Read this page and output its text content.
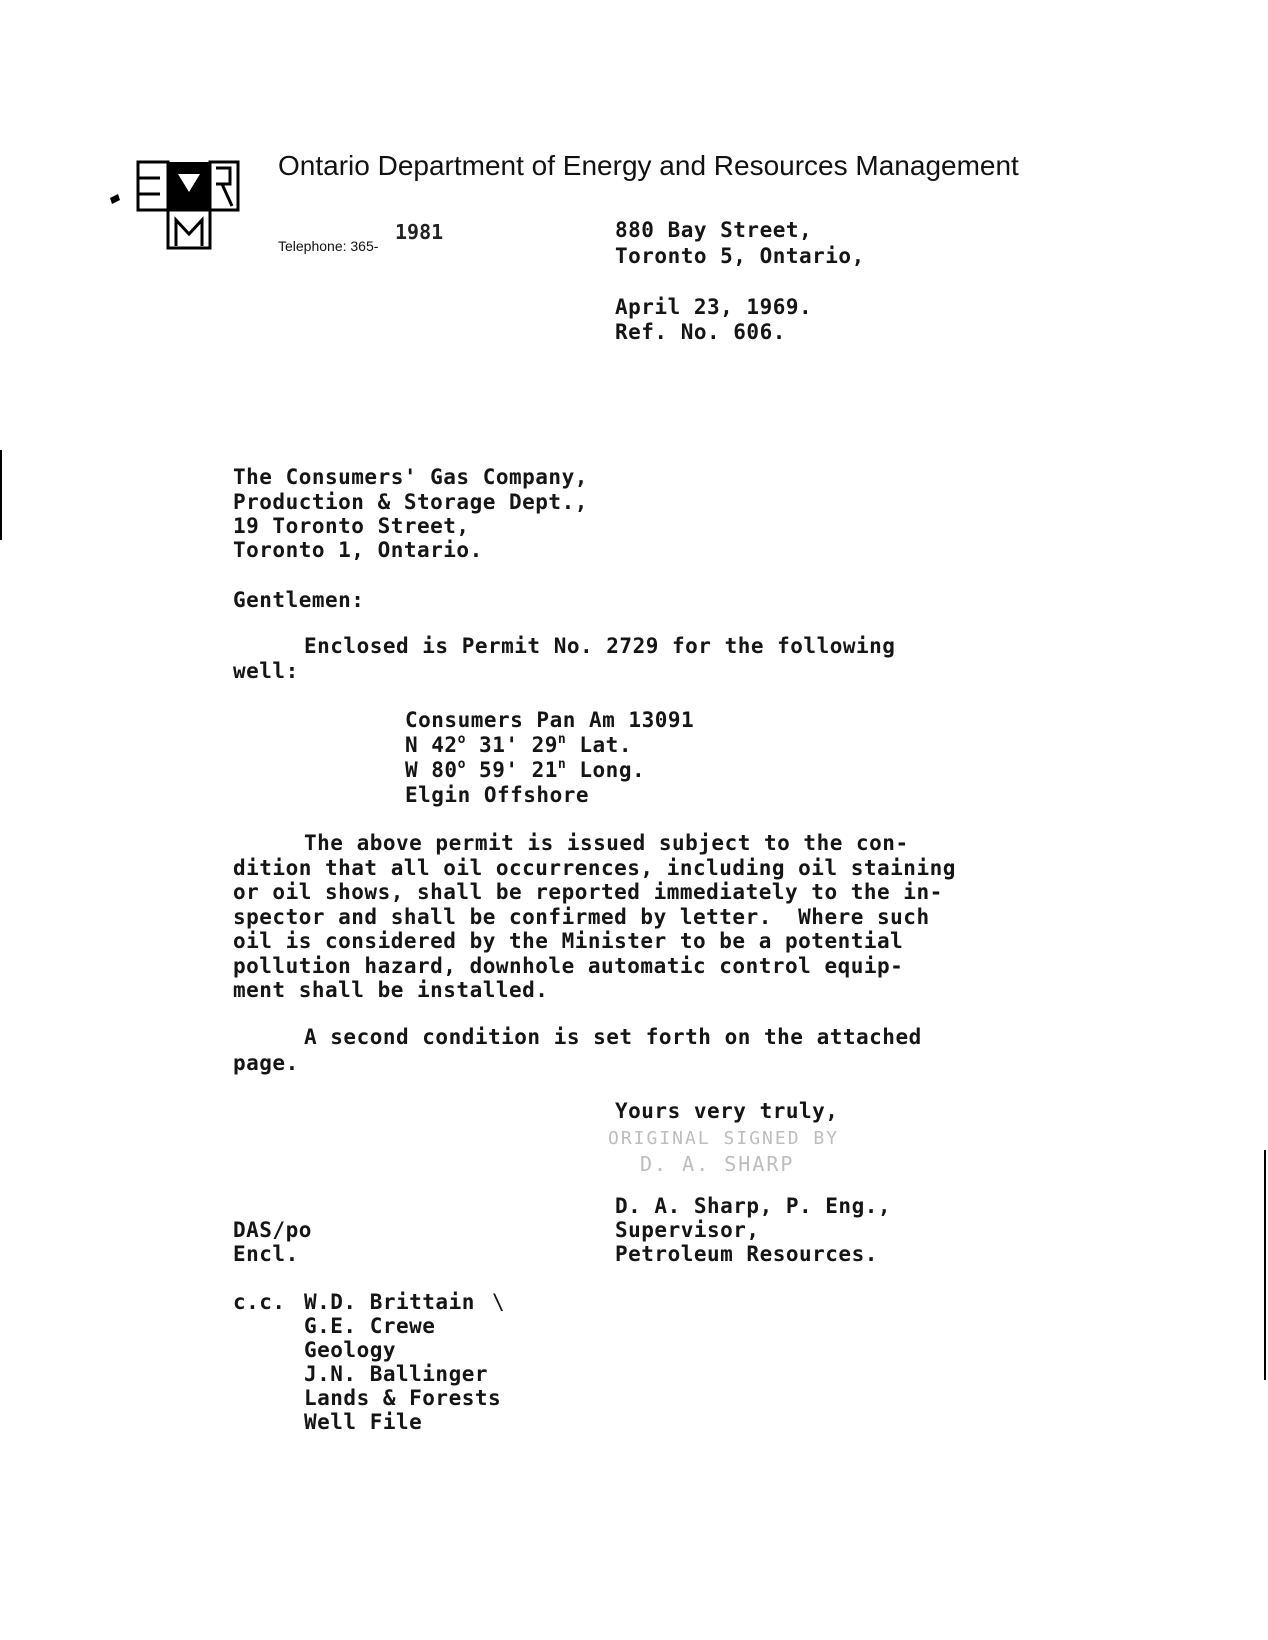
Ontario Department of Energy and Resources Management
Telephone: 365-
1981	880 Bay Street,
Toronto 5, Ontario,
April 23, 1969.
Ref. No. 606.
The Consumers' Gas Company,
Production & Storage Dept.,
19 Toronto Street,
Toronto 1, Ontario.
Gentlemen:
Enclosed is Permit No. 2729 for the following
well:
Consumers Pan Am 13091
N 42$^o$ 31' 29$^n$ Lat.
W 80$^o$ 59' 21$^n$ Long.
Elgin Offshore
The above permit is issued subject to the con-
dition that all oil occurrences, including oil staining
or oil shows, shall be reported immediately to the in-
spector and shall be confirmed by letter.  Where such
oil is considered by the Minister to be a potential
pollution hazard, downhole automatic control equip-
ment shall be installed.
A second condition is set forth on the attached
page.
Yours very truly,
ORIGINAL SIGNED BY
D. A. SHARP
D. A. Sharp, P. Eng.,
Supervisor,
Petroleum Resources.
DAS/po
Encl.
c.c. W.D. Brittain \
G.E. Crewe
Geology
J.N. Ballinger
Lands & Forests
Well File
